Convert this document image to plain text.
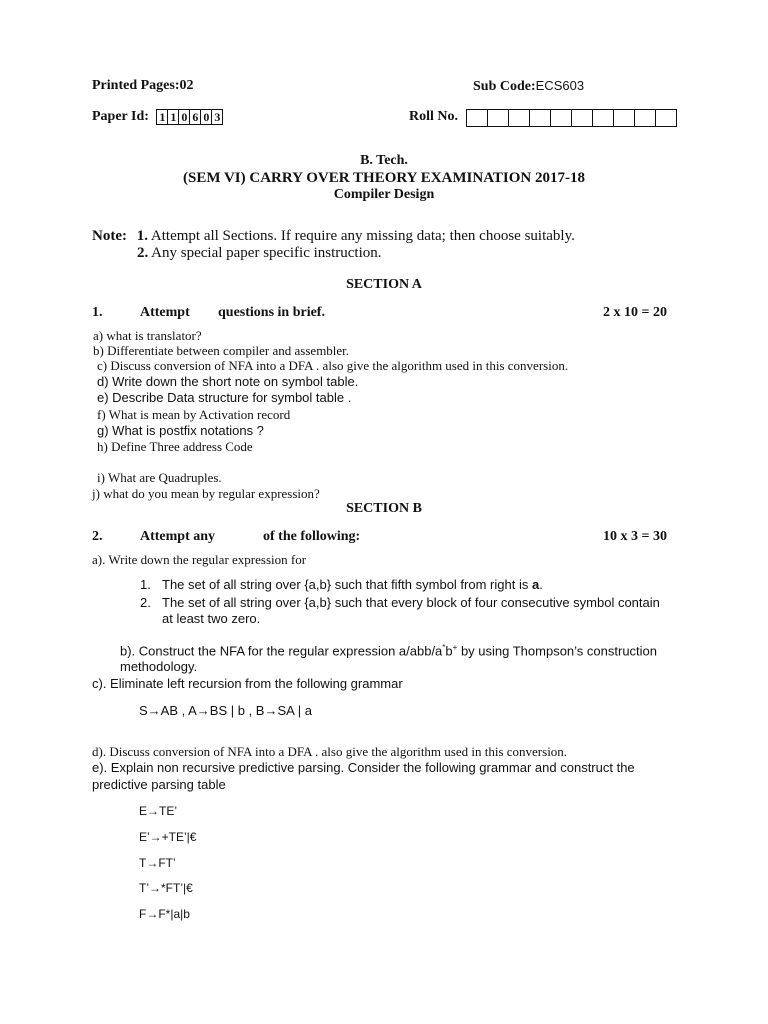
Printed Pages:02	Sub Code:ECS603
Paper Id: 1 1 0 6 0 3	Roll No.
B. Tech.
(SEM VI) CARRY OVER THEORY EXAMINATION 2017-18
Compiler Design
Note: 1. Attempt all Sections. If require any missing data; then choose suitably.
2. Any special paper specific instruction.
SECTION A
1.	Attempt questions in brief.	2 x 10 = 20
a) what is translator?
b) Differentiate between compiler and assembler.
c) Discuss conversion of NFA into a DFA . also give the algorithm used in this conversion.
d) Write down the short note on symbol table.
e) Describe Data structure for symbol table .
f) What is mean by Activation record
g) What is postfix notations ?
h) Define Three address Code
i) What are Quadruples.
j) what do you mean by regular expression?
SECTION B
2.	Attempt any	of the following:	10 x 3 = 30
a). Write down the regular expression for
1. The set of all string over {a,b} such that fifth symbol from right is a.
2. The set of all string over {a,b} such that every block of four consecutive symbol contain
at least two zero.
b). Construct the NFA for the regular expression a/abb/a*b+ by using Thompson’s construction
methodology.
c). Eliminate left recursion from the following grammar
S→AB , A→BS | b , B→SA | a
d). Discuss conversion of NFA into a DFA . also give the algorithm used in this conversion.
e). Explain non recursive predictive parsing. Consider the following grammar and construct the
predictive parsing table
E→TE’
E’→+TE’|€
T→FT’
T’→*FT’|€
F→F*|a|b
